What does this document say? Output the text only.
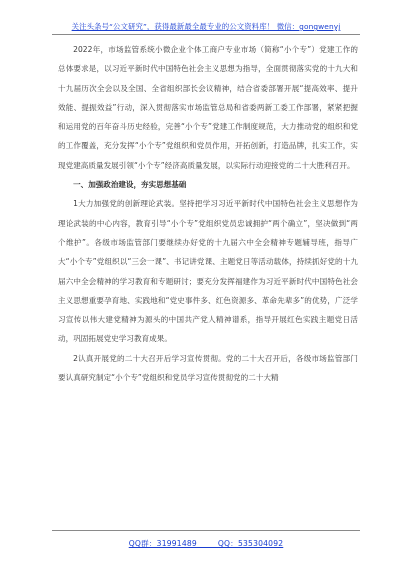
关注头条号“公文研究”，获得最新最全最专业的公文资料库！ 微信：gongwenyj

2022年，市场监管系统小微企业个体工商户专业市场（简称“小个专”）党建工作的总体要求是，以习近平新时代中国特色社会主义思想为指导，全面贯彻落实党的十九大和十九届历次全会以及全国、全省组织部长会议精神，结合省委部署开展“提高效率、提升效能、提振效益”行动，深入贯彻落实市场监管总局和省委两新工委工作部署，紧紧把握和运用党的百年奋斗历史经验，完善“小个专”党建工作制度规范，大力推动党的组织和党的工作覆盖，充分发挥“小个专”党组织和党员作用，开拓创新，打造品牌，扎实工作，实现党建高质量发展引领“小个专”经济高质量发展，以实际行动迎接党的二十大胜利召开。

一、加强政治建设，夯实思想基础

1大力加强党的创新理论武装。坚持把学习习近平新时代中国特色社会主义思想作为理论武装的中心内容，教育引导“小个专”党组织党员忠诚拥护“两个确立”，坚决做到“两个维护”。各级市场监管部门要继续办好党的十九届六中全会精神专题辅导班，指导广大“小个专”党组织以“三会一课”、书记讲党课、主题党日等活动载体，持续抓好党的十九届六中全会精神的学习教育和专题研讨；要充分发挥福建作为习近平新时代中国特色社会主义思想重要孕育地、实践地和“党史事件多、红色资源多、革命先辈多”的优势，广泛学习宣传以伟大建党精神为源头的中国共产党人精神谱系，指导开展红色实践主题党日活动，巩固拓展党史学习教育成果。

2认真开展党的二十大召开后学习宣传贯彻。党的二十大召开后，各级市场监管部门要认真研究制定“小个专”党组织和党员学习宣传贯彻党的二十大精

QQ群：31991489        QQ：535304092
